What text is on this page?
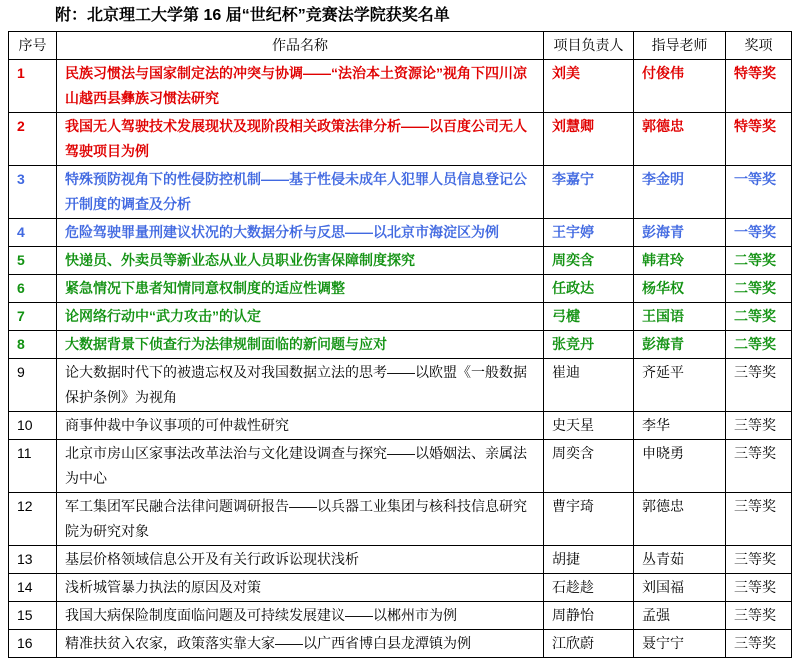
附：北京理工大学第 16 届“世纪杯”竞赛法学院获奖名单

序号	作品名称	项目负责人	指导老师	奖项
1	民族习惯法与国家制定法的冲突与协调——“法治本土资源论”视角下四川凉山越西县彝族习惯法研究	刘美	付俊伟	特等奖
2	我国无人驾驶技术发展现状及现阶段相关政策法律分析——以百度公司无人驾驶项目为例	刘慧卿	郭德忠	特等奖
3	特殊预防视角下的性侵防控机制——基于性侵未成年人犯罪人员信息登记公开制度的调查及分析	李嘉宁	李金明	一等奖
4	危险驾驶罪量刑建议状况的大数据分析与反思——以北京市海淀区为例	王宇婷	彭海青	一等奖
5	快递员、外卖员等新业态从业人员职业伤害保障制度探究	周奕含	韩君玲	二等奖
6	紧急情况下患者知情同意权制度的适应性调整	任政达	杨华权	二等奖
7	论网络行动中“武力攻击”的认定	弓楗	王国语	二等奖
8	大数据背景下侦查行为法律规制面临的新问题与应对	张竞丹	彭海青	二等奖
9	论大数据时代下的被遗忘权及对我国数据立法的思考——以欧盟《一般数据保护条例》为视角	崔迪	齐延平	三等奖
10	商事仲裁中争议事项的可仲裁性研究	史天星	李华	三等奖
11	北京市房山区家事法改革法治与文化建设调查与探究——以婚姻法、亲属法为中心	周奕含	申晓勇	三等奖
12	军工集团军民融合法律问题调研报告——以兵器工业集团与核科技信息研究院为研究对象	曹宇琦	郭德忠	三等奖
13	基层价格领域信息公开及有关行政诉讼现状浅析	胡捷	丛青茹	三等奖
14	浅析城管暴力执法的原因及对策	石趁趁	刘国福	三等奖
15	我国大病保险制度面临问题及可持续发展建议——以郴州市为例	周静怡	孟强	三等奖
16	精准扶贫入农家，政策落实靠大家——以广西省博白县龙潭镇为例	江欣蔚	聂宁宁	三等奖
